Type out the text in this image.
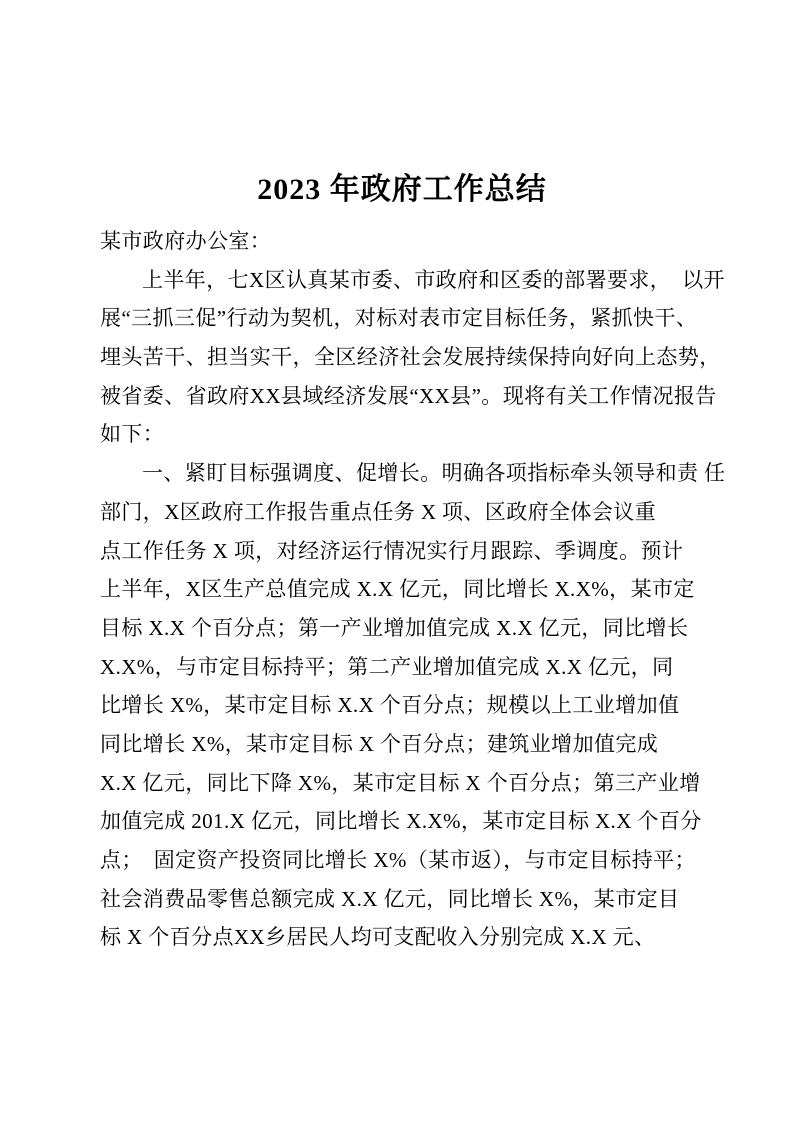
2023 年政府工作总结
某市政府办公室：
上半年，七X区认真某市委、市政府和区委的部署要求，　以开
展“三抓三促”行动为契机，对标对表市定目标任务，紧抓快干、
埋头苦干、担当实干，全区经济社会发展持续保持向好向上态势，
被省委、省政府XX县域经济发展“XX县”。现将有关工作情况报告
如下：
一、紧盯目标强调度、促增长。明确各项指标牵头领导和责 任
部门，X区政府工作报告重点任务 X 项、区政府全体会议重
点工作任务 X 项，对经济运行情况实行月跟踪、季调度。预计
上半年，X区生产总值完成 X.X 亿元，同比增长 X.X%，某市定
目标 X.X 个百分点；第一产业增加值完成 X.X 亿元，同比增长
X.X%，与市定目标持平；第二产业增加值完成 X.X 亿元，同
比增长 X%，某市定目标 X.X 个百分点；规模以上工业增加值
同比增长 X%，某市定目标 X 个百分点；建筑业增加值完成
X.X 亿元，同比下降 X%，某市定目标 X 个百分点；第三产业增
加值完成 201.X 亿元，同比增长 X.X%，某市定目标 X.X 个百分
点；　固定资产投资同比增长 X%（某市返），与市定目标持平；
社会消费品零售总额完成 X.X 亿元，同比增长 X%，某市定目
标 X 个百分点XX乡居民人均可支配收入分别完成 X.X 元、
